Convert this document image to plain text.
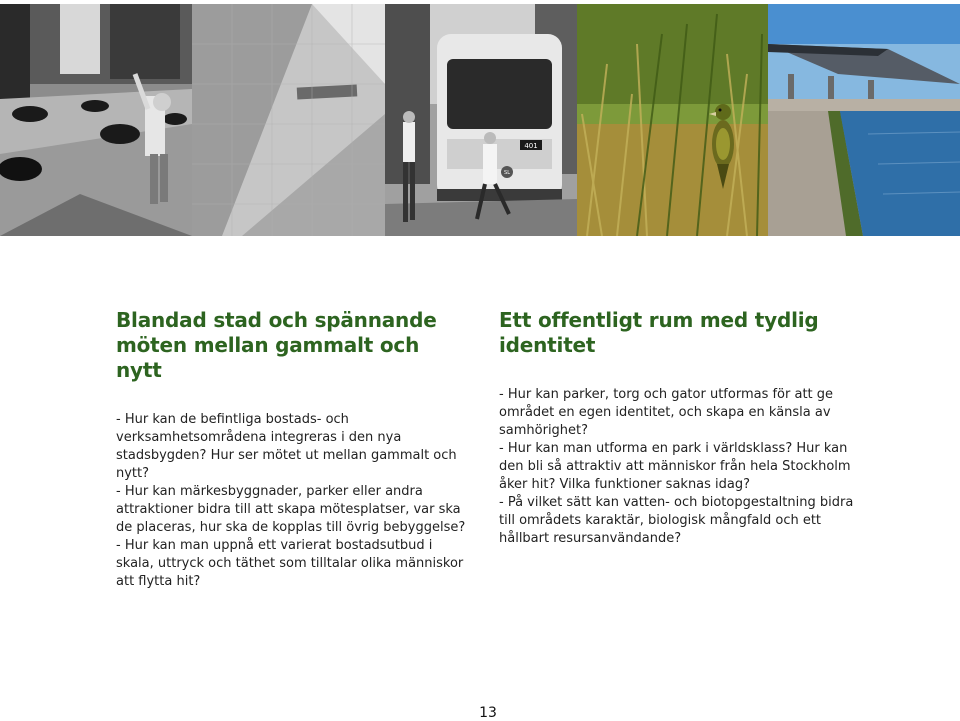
401
SL
Blandad stad och spännande möten mellan gammalt och nytt

- Hur kan de befintliga bostads- och verksamhetsområdena integreras i den nya stadsbygden? Hur ser mötet ut mellan gammalt och nytt?

- Hur kan märkesbyggnader, parker eller andra attraktioner bidra till att skapa mötesplatser, var ska de placeras, hur ska de kopplas till övrig bebyggelse?

- Hur kan man uppnå ett varierat bostadsutbud i skala, uttryck och täthet som tilltalar olika människor att flytta hit?

Ett offentligt rum med tydlig identitet

- Hur kan parker, torg och gator utformas för att ge området en egen identitet, och skapa en känsla av samhörighet?

- Hur kan man utforma en park i världsklass? Hur kan den bli så attraktiv att människor från hela Stockholm åker hit? Vilka funktioner saknas idag?

- På vilket sätt kan vatten- och biotopgestaltning bidra till områdets karaktär, biologisk mångfald och ett hållbart resursanvändande?

13
